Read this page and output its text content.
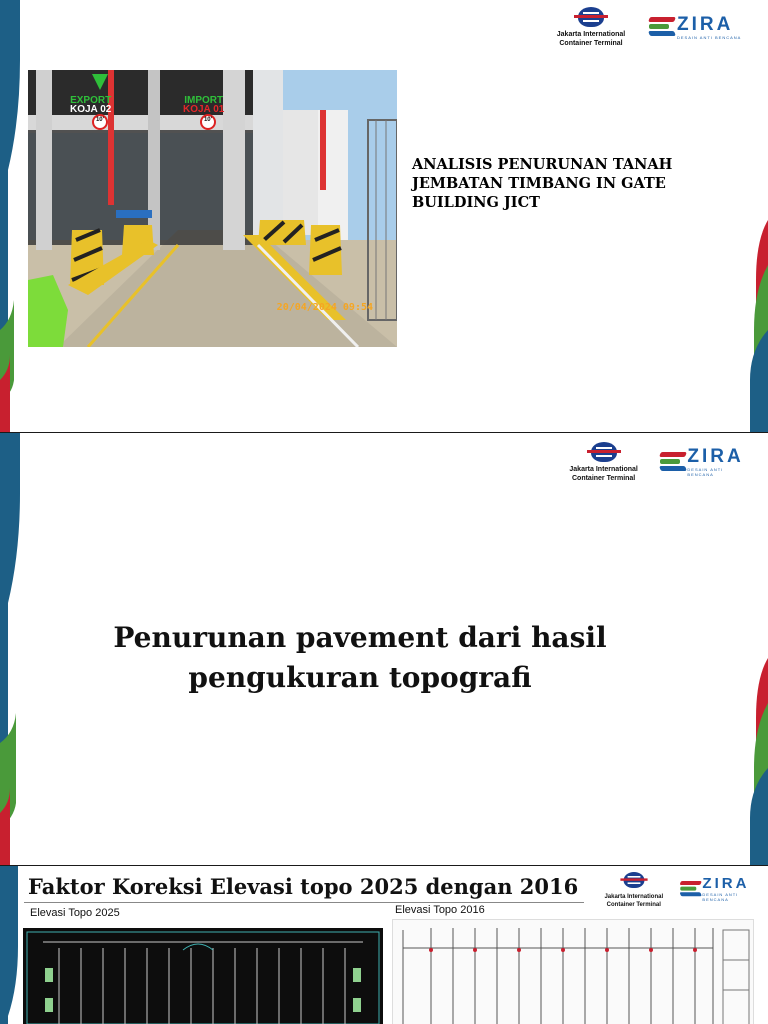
Jakarta International
Container Terminal
ZIRA
DESAIN ANTI BENCANA
EXPORT
KOJA 02
IMPORT
KOJA 01
10'	10'
20/04/2024 09:54
ANALISIS PENURUNAN TANAH JEMBATAN TIMBANG IN GATE BUILDING JICT
Jakarta International
Container Terminal
ZIRA
DESAIN ANTI BENCANA
Penurunan pavement dari hasil
pengukuran topografi
Faktor Koreksi Elevasi topo 2025 dengan 2016	Jakarta International
Container Terminal
ZIRA
DESAIN ANTI BENCANA
Elevasi Topo 2025	Elevasi Topo 2016
